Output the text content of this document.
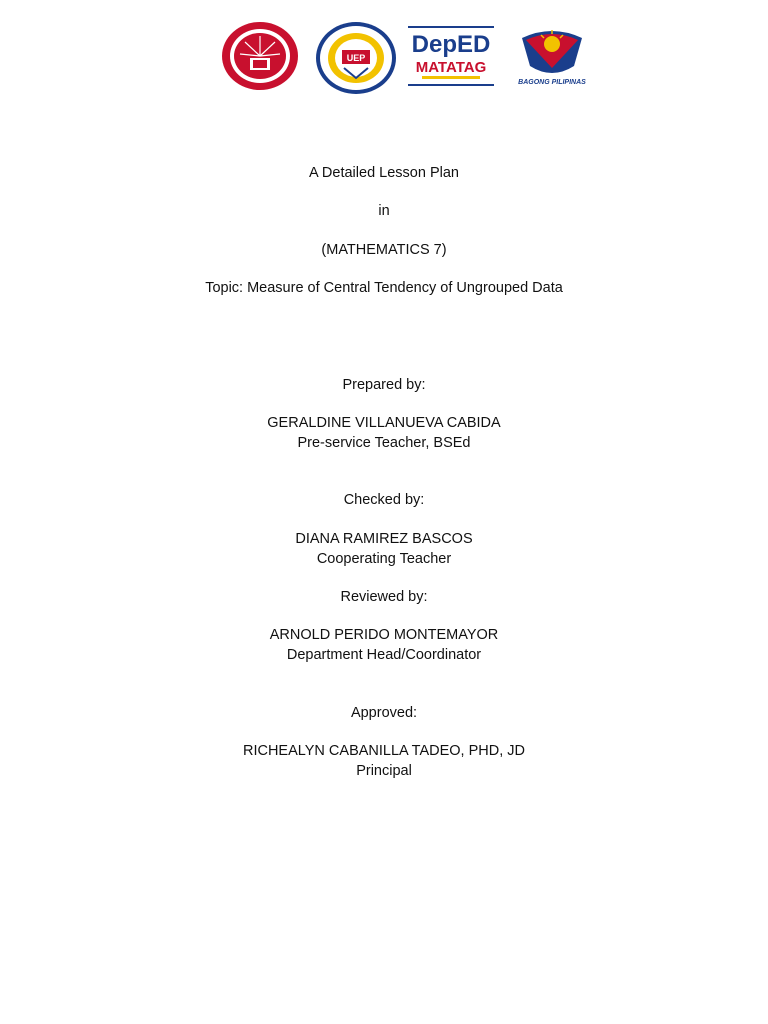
UEP DepED
MATATAG
BAGONG PILIPINAS
A Detailed Lesson Plan
in
(MATHEMATICS 7)
Topic: Measure of Central Tendency of Ungrouped Data
Prepared by:
GERALDINE VILLANUEVA CABIDA
Pre-service Teacher, BSEd
Checked by:
DIANA RAMIREZ BASCOS
Cooperating Teacher
Reviewed by:
ARNOLD PERIDO MONTEMAYOR
Department Head/Coordinator
Approved:
RICHEALYN CABANILLA TADEO, PHD, JD
Principal
